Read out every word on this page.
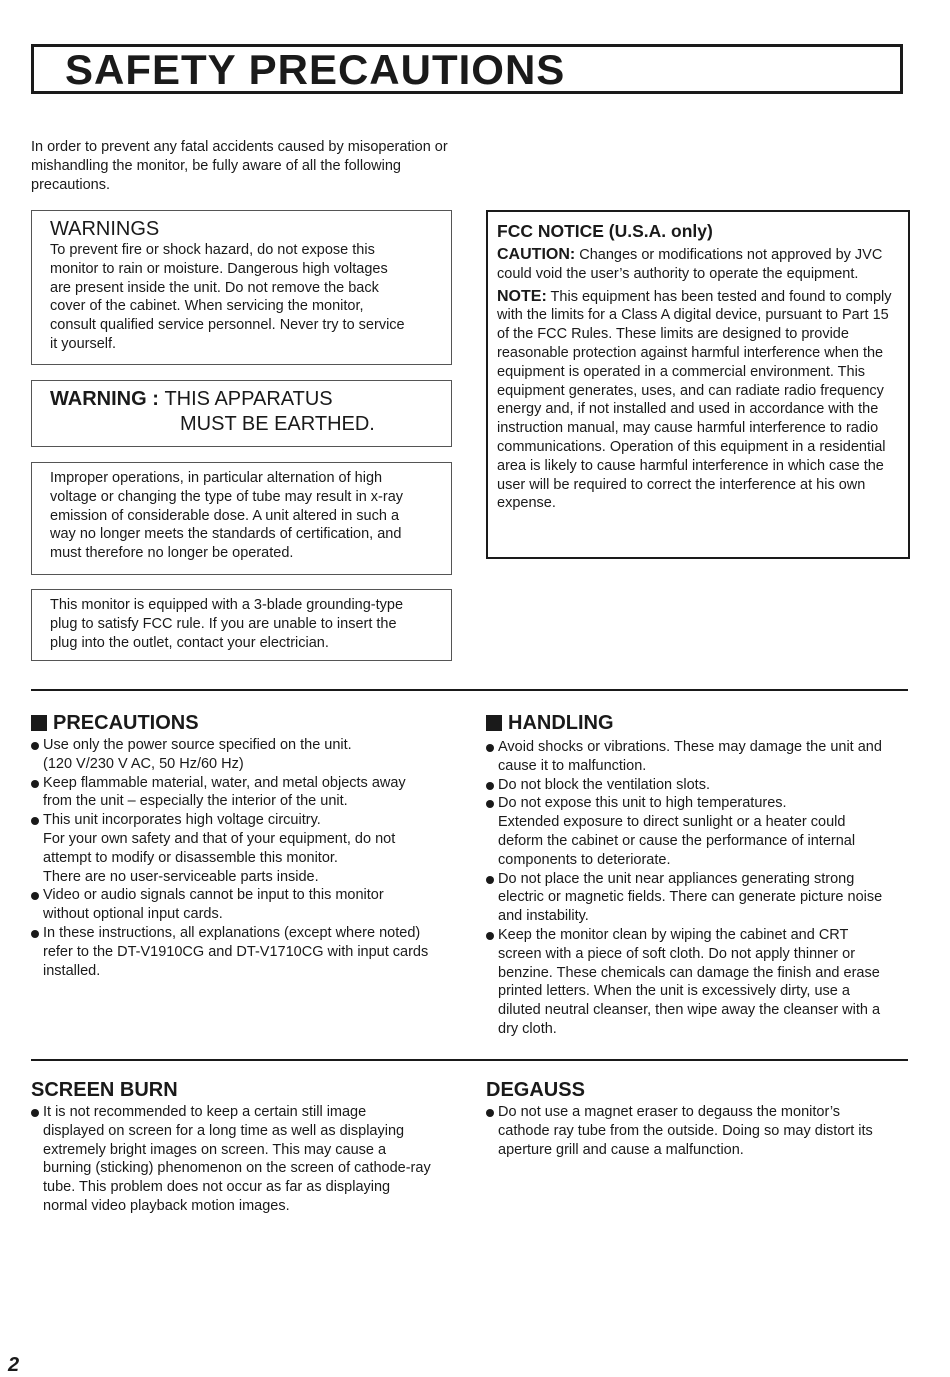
SAFETY PRECAUTIONS

In order to prevent any fatal accidents caused by misoperation or mishandling the monitor, be fully aware of all the following precautions.

WARNINGS
To prevent fire or shock hazard, do not expose this
monitor to rain or moisture. Dangerous high voltages
are present inside the unit. Do not remove the back
cover of the cabinet. When servicing the monitor,
consult qualified service personnel. Never try to service
it yourself.
WARNING : THIS APPARATUS
MUST BE EARTHED.
Improper operations, in particular alternation of high
voltage or changing the type of tube may result in x-ray
emission of considerable dose. A unit altered in such a
way no longer meets the standards of certification, and
must therefore no longer be operated.
This monitor is equipped with a 3-blade grounding-type
plug to satisfy FCC rule. If you are unable to insert the
plug into the outlet, contact your electrician.
FCC NOTICE (U.S.A. only)

CAUTION: Changes or modifications not approved by JVC could void the user’s authority to operate the equipment.

NOTE: This equipment has been tested and found to comply with the limits for a Class A digital device, pursuant to Part 15 of the FCC Rules. These limits are designed to provide reasonable protection against harmful interference when the equipment is operated in a commercial environment. This equipment generates, uses, and can radiate radio frequency energy and, if not installed and used in accordance with the instruction manual, may cause harmful interference to radio communications. Operation of this equipment in a residential area is likely to cause harmful interference in which case the user will be required to correct the interference at his own expense.

PRECAUTIONS
Use only the power source specified on the unit.
(120 V/230 V AC, 50 Hz/60 Hz)
Keep flammable material, water, and metal objects away
from the unit – especially the interior of the unit.
This unit incorporates high voltage circuitry.
For your own safety and that of your equipment, do not
attempt to modify or disassemble this monitor.
There are no user-serviceable parts inside.
Video or audio signals cannot be input to this monitor
without optional input cards.
In these instructions, all explanations (except where noted)
refer to the DT-V1910CG and DT-V1710CG with input cards
installed.
HANDLING
Avoid shocks or vibrations. These may damage the unit and
cause it to malfunction.
Do not block the ventilation slots.
Do not expose this unit to high temperatures.
Extended exposure to direct sunlight or a heater could
deform the cabinet or cause the performance of internal
components to deteriorate.
Do not place the unit near appliances generating strong
electric or magnetic fields. There can generate picture noise
and instability.
Keep the monitor clean by wiping the cabinet and CRT
screen with a piece of soft cloth. Do not apply thinner or
benzine. These chemicals can damage the finish and erase
printed letters. When the unit is excessively dirty, use a
diluted neutral cleanser, then wipe away the cleanser with a
dry cloth.
SCREEN BURN
It is not recommended to keep a certain still image
displayed on screen for a long time as well as displaying
extremely bright images on screen. This may cause a
burning (sticking) phenomenon on the screen of cathode-ray
tube. This problem does not occur as far as displaying
normal video playback motion images.
DEGAUSS
Do not use a magnet eraser to degauss the monitor’s
cathode ray tube from the outside. Doing so may distort its
aperture grill and cause a malfunction.
2
